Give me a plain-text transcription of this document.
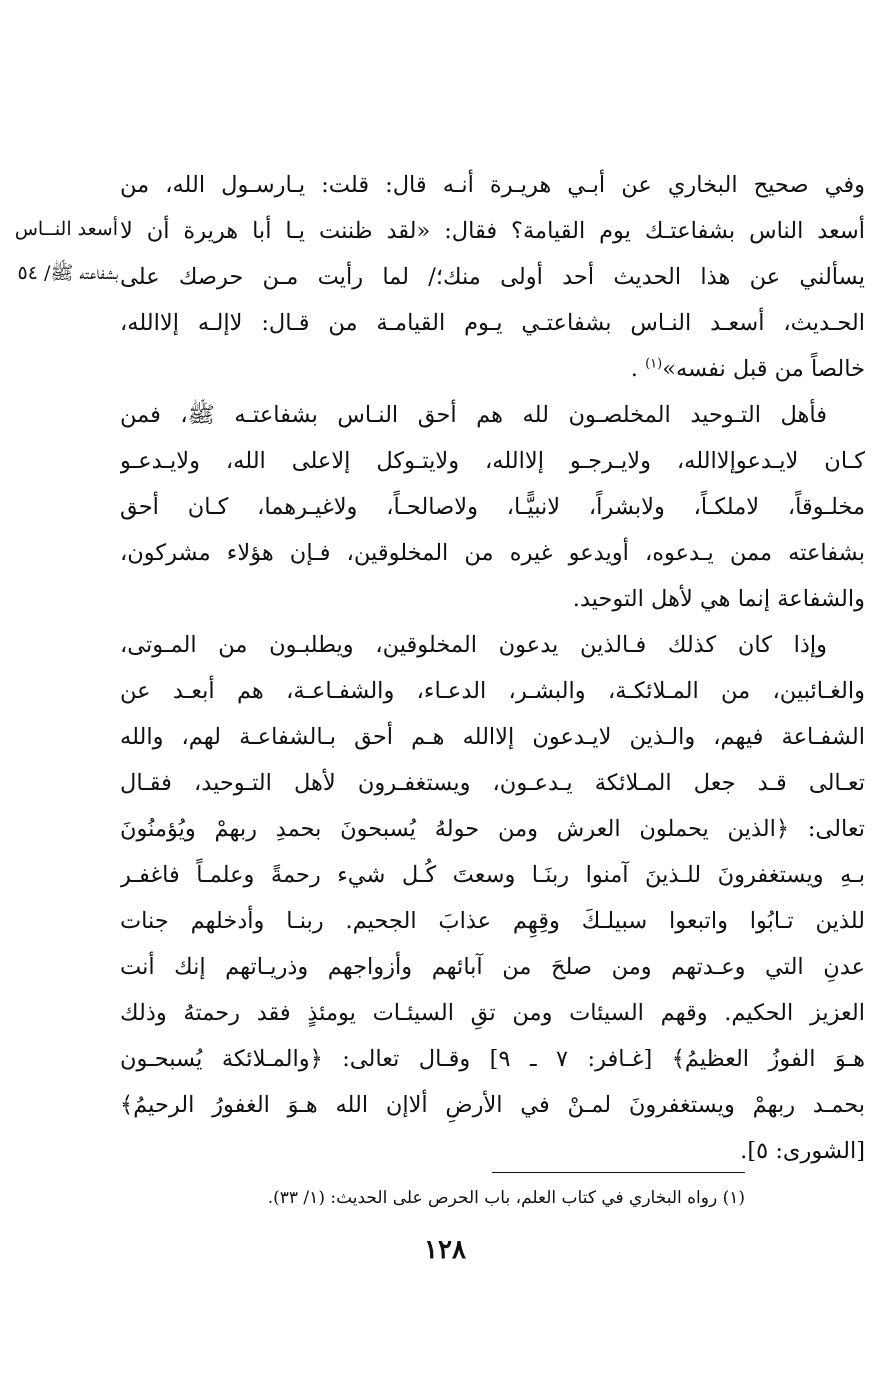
أسعد النــاس
بشفاعته ﷺ/ ٥٤
وفي صحيح البخاري عن أبـي هريـرة أنـه قال: قلت: يـارسـول الله، من
أسعد الناس بشفاعتـك يوم القيامة؟ فقال: «لقد ظننت يـا أبا هريرة أن لا
يسألني عن هذا الحديث أحد أولى منك؛/ لما رأيت مـن حرصك على
الحـديث، أسعـد النـاس بشفاعتـي يـوم القيامـة من قـال: لاإلـه إلاالله،
خالصاً من قبل نفسه»$^{(١)}$ .
فأهل التـوحيد المخلصـون لله هم أحق النـاس بشفاعتـه ﷺ، فمن
كـان لايـدعوإلاالله، ولايـرجـو إلاالله، ولايتـوكل إلاعلى الله، ولايـدعـو
مخلـوقاً، لاملكـاً، ولابشراً، لانبيًّـا، ولاصالحـاً، ولاغيـرهما، كـان أحق
بشفاعته ممن يـدعوه، أويدعو غيره من المخلوقين، فـإن هؤلاء مشركون،
والشفاعة إنما هي لأهل التوحيد.
وإذا كان كذلك فـالذين يدعون المخلوقين، ويطلبـون من المـوتى،
والغـائبين، من المـلائكـة، والبشـر، الدعـاء، والشفـاعـة، هم أبعـد عن
الشفـاعة فيهم، والـذين لايـدعون إلاالله هـم أحق بـالشفاعـة لهم، والله
تعـالى قـد جعل المـلائكة يـدعـون، ويستغفـرون لأهل التـوحيد، فقـال
تعالى: ﴿الذين يحملون العرش ومن حولهُ يُسبحونَ بحمدِ ربهمْ ويُؤمنُونَ
بـهِ ويستغفرونَ للـذينَ آمنوا ربنَـا وسعتَ كُـل شيء رحمةً وعلمـاً فاغفـر
للذين تـابُوا واتبعوا سبيلـكَ وقِهِم عذابَ الجحيم. ربنـا وأدخلهم جنات
عدنِ التي وعـدتهم ومن صلحَ من آبائهم وأزواجهم وذريـاتهم إنك أنت
العزيز الحكيم. وقهم السيئات ومن تقِ السيئـات يومئذٍ فقد رحمتهُ وذلك
هـوَ الفوزُ العظيمُ﴾ [غـافر: ٧ ـ ٩] وقـال تعالى: ﴿والمـلائكة يُسبحـون
بحمـد ربهمْ ويستغفرونَ لمـنْ في الأرضِ ألاإن الله هـوَ الغفورُ الرحيمُ﴾
[الشورى: ٥].
(١) رواه البخاري في كتاب العلم، باب الحرص على الحديث: (١/ ٣٣).
١٢٨
